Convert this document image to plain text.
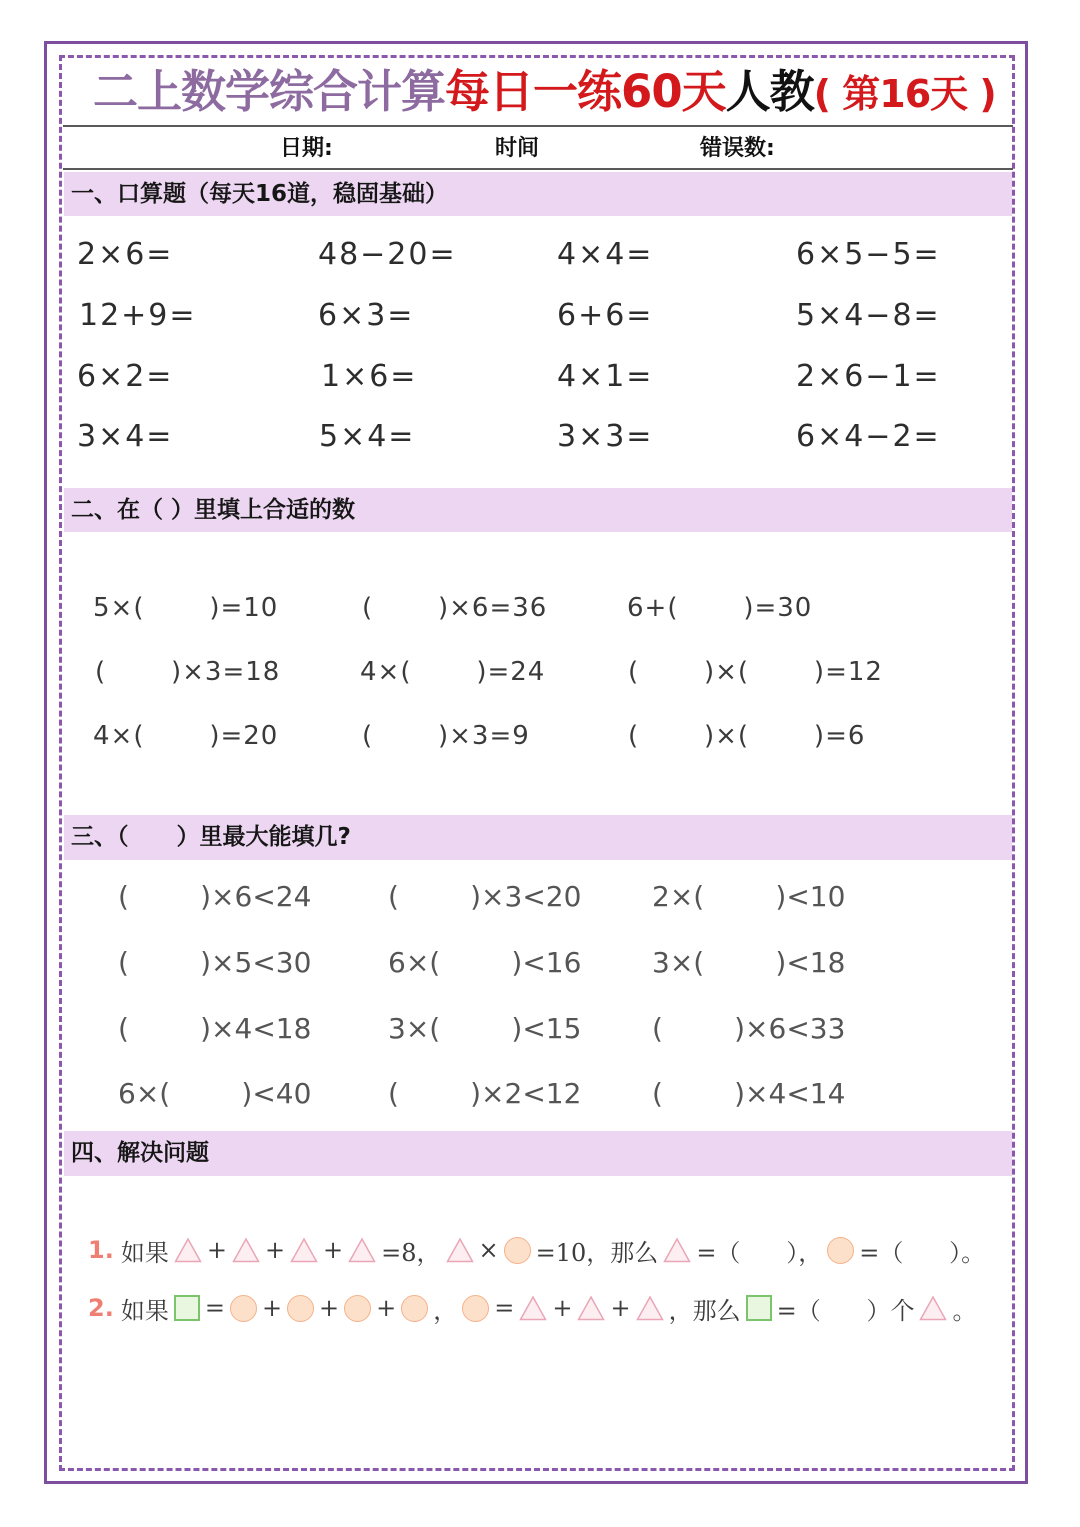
二上数学综合计算每日一练60天人教( 第16天 )
日期:	时间	错误数:
一、口算题（每天16道，稳固基础）
2×6=	48−20=	4×4=	6×5−5=
12+9=	6×3=	6+6=	5×4−8=
6×2=	1×6=	4×1=	2×6−1=
3×4=	5×4=	3×3=	6×4−2=
二、在（ ）里填上合适的数
5×(       )=10	(       )×6=36	6+(       )=30
(       )×3=18	4×(       )=24	(       )×(       )=12
4×(       )=20	(       )×3=9	(       )×(       )=6
三、（      ）里最大能填几?
(        )×6<24	(        )×3<20	2×(        )<10
(        )×5<30	6×(        )<16	3×(        )<18
(        )×4<18	3×(        )<15	(        )×6<33
6×(        )<40	(        )×2<12	(        )×4<14
四、解决问题
1. 如果 + + + =8， × =10，那么 =（      ）， =（      ）。
2. 如果 = + + + ， = + + ，那么 =（      ）个 。
